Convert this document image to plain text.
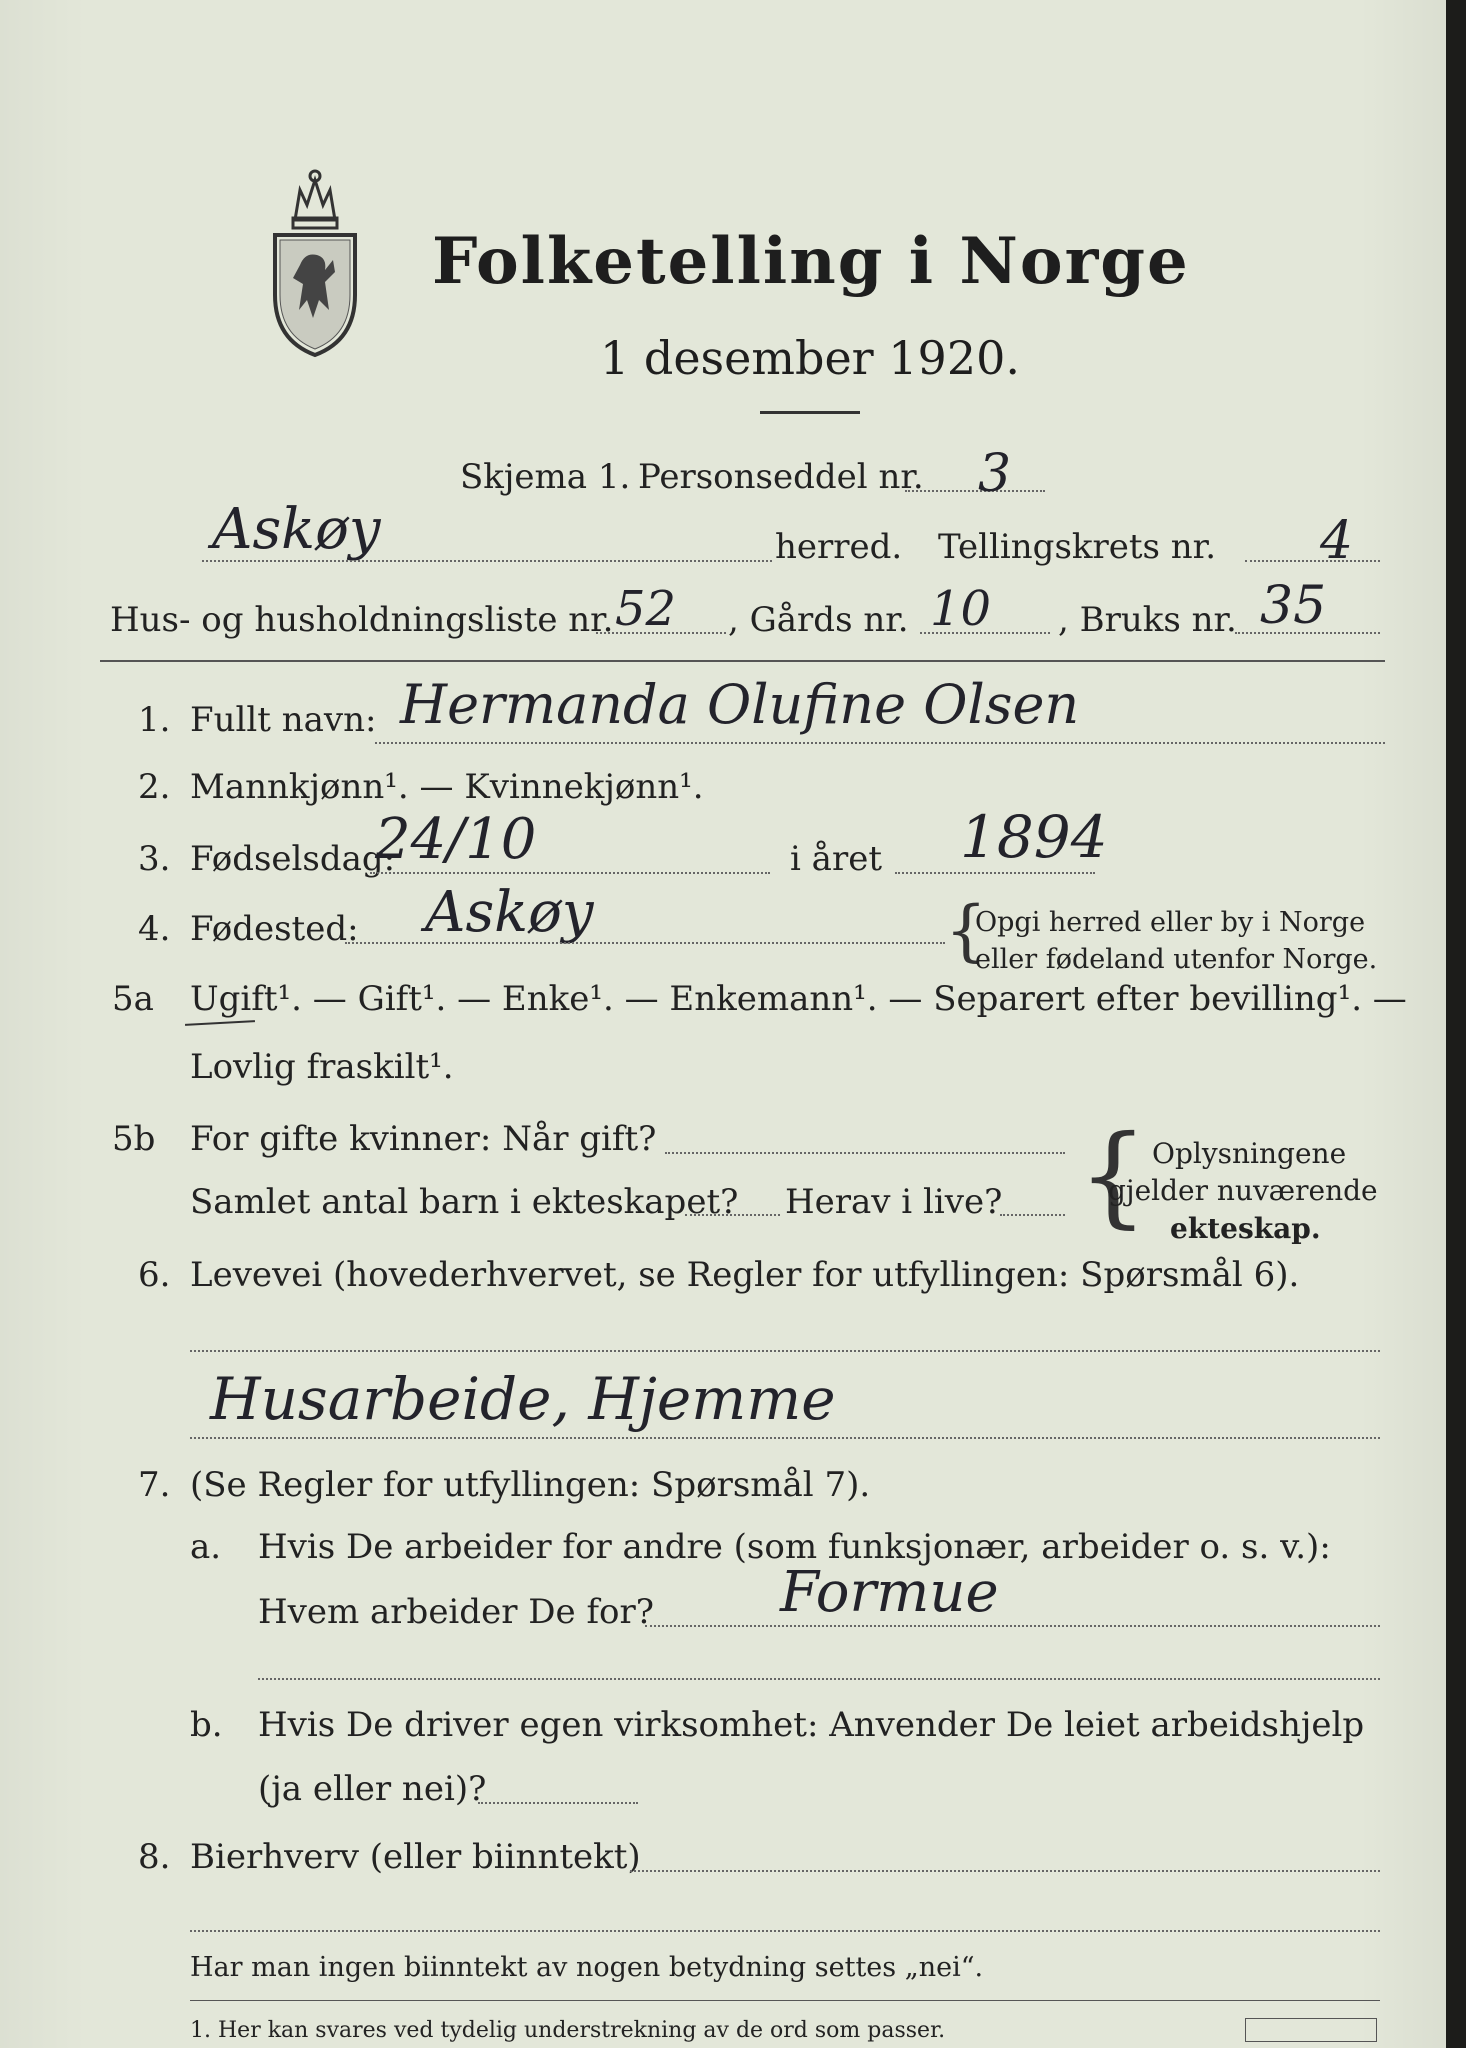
Folketelling i Norge
1 desember 1920.
Skjema 1. Personseddel nr. 3
Askøy	herred. Tellingskrets nr. 4
Hus- og husholdningsliste nr. 52 , Gårds nr. 10 , Bruks nr. 35
1. Fullt navn: Hermanda Olufine Olsen
2. Mannkjønn¹. — Kvinnekjønn¹.
3. Fødselsdag:
24/10	i året 1894
4. Fødested: Askøy	{
Opgi herred eller by i Norge
eller fødeland utenfor Norge.
5a Ugift¹. — Gift¹. — Enke¹. — Enkemann¹. — Separert efter bevilling¹. —
Lovlig fraskilt¹.
5b For gifte kvinner: Når gift?
Samlet antal barn i ekteskapet? Herav i live? { Oplysningene
gjelder nuværende
ekteskap.
6. Levevei (hovederhvervet, se Regler for utfyllingen: Spørsmål 6).
Husarbeide, Hjemme
7. (Se Regler for utfyllingen: Spørsmål 7).
a. Hvis De arbeider for andre (som funksjonær, arbeider o. s. v.):
Hvem arbeider De for? Formue
b. Hvis De driver egen virksomhet: Anvender De leiet arbeidshjelp
(ja eller nei)?
8. Bierhverv (eller biinntekt)
Har man ingen biinntekt av nogen betydning settes „nei“.
1. Her kan svares ved tydelig understrekning av de ord som passer.
